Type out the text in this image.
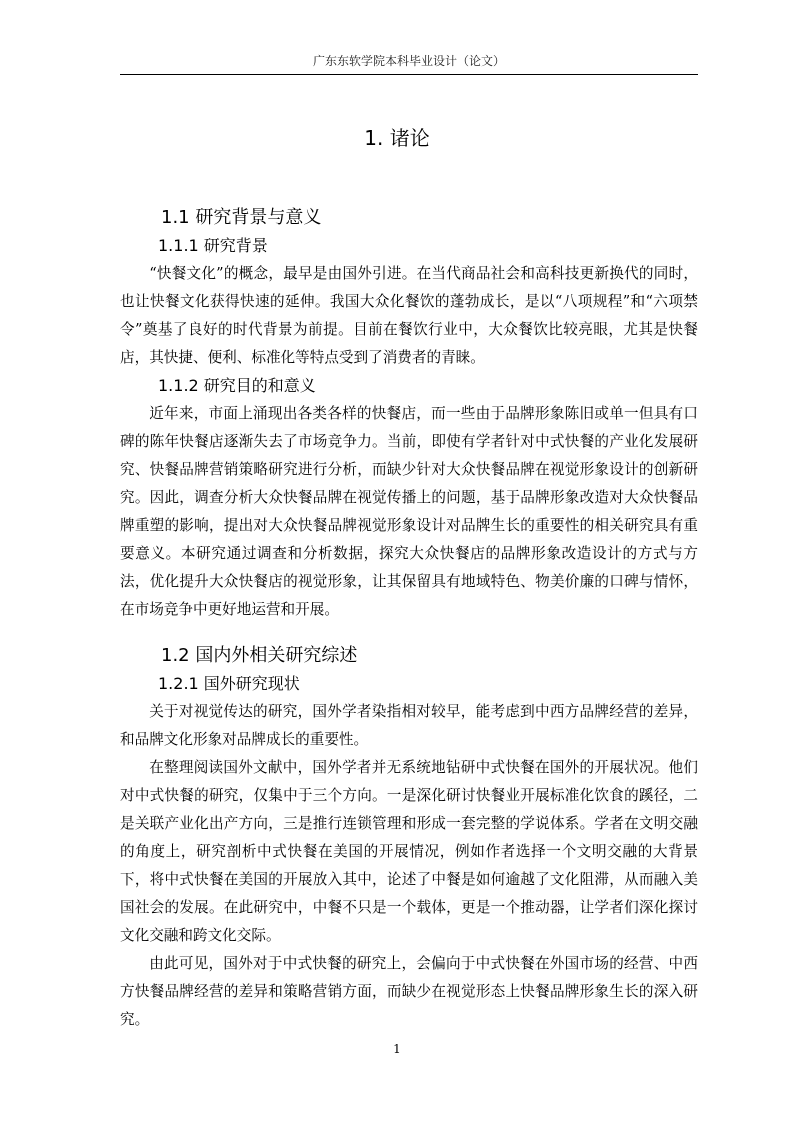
广东东软学院本科毕业设计（论文）
1. 诸论
1.1 研究背景与意义
1.1.1 研究背景

“快餐文化”的概念，最早是由国外引进。在当代商品社会和高科技更新换代的同时，也让快餐文化获得快速的延伸。我国大众化餐饮的蓬勃成长，是以“八项规程”和“六项禁令”奠基了良好的时代背景为前提。目前在餐饮行业中，大众餐饮比较亮眼，尤其是快餐店，其快捷、便利、标准化等特点受到了消费者的青睐。

1.1.2 研究目的和意义

近年来，市面上涌现出各类各样的快餐店，而一些由于品牌形象陈旧或单一但具有口碑的陈年快餐店逐渐失去了市场竞争力。当前，即使有学者针对中式快餐的产业化发展研究、快餐品牌营销策略研究进行分析，而缺少针对大众快餐品牌在视觉形象设计的创新研究。因此，调查分析大众快餐品牌在视觉传播上的问题，基于品牌形象改造对大众快餐品牌重塑的影响，提出对大众快餐品牌视觉形象设计对品牌生长的重要性的相关研究具有重要意义。本研究通过调查和分析数据，探究大众快餐店的品牌形象改造设计的方式与方法，优化提升大众快餐店的视觉形象，让其保留具有地域特色、物美价廉的口碑与情怀，在市场竞争中更好地运营和开展。

1.2 国内外相关研究综述
1.2.1 国外研究现状

关于对视觉传达的研究，国外学者染指相对较早，能考虑到中西方品牌经营的差异，和品牌文化形象对品牌成长的重要性。

在整理阅读国外文献中，国外学者并无系统地钻研中式快餐在国外的开展状况。他们对中式快餐的研究，仅集中于三个方向。一是深化研讨快餐业开展标准化饮食的蹊径，二是关联产业化出产方向，三是推行连锁管理和形成一套完整的学说体系。学者在文明交融的角度上，研究剖析中式快餐在美国的开展情况，例如作者选择一个文明交融的大背景下，将中式快餐在美国的开展放入其中，论述了中餐是如何逾越了文化阻滞，从而融入美国社会的发展。在此研究中，中餐不只是一个载体，更是一个推动器，让学者们深化探讨文化交融和跨文化交际。

由此可见，国外对于中式快餐的研究上，会偏向于中式快餐在外国市场的经营、中西方快餐品牌经营的差异和策略营销方面，而缺少在视觉形态上快餐品牌形象生长的深入研究。

1
